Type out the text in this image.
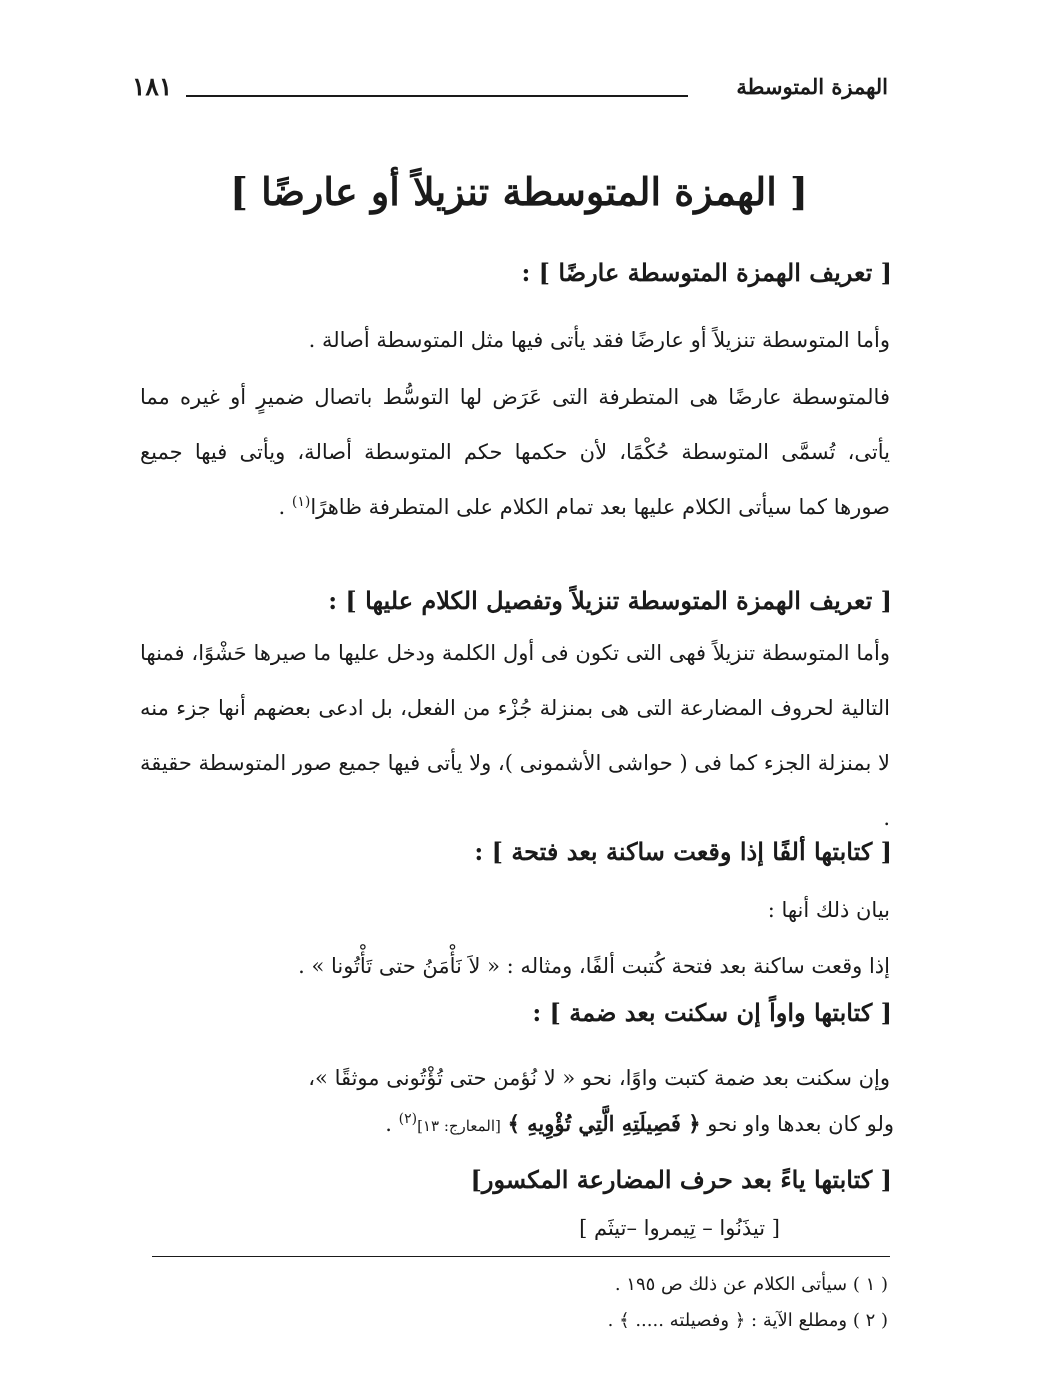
الهمزة المتوسطة
١٨١
[ الهمزة المتوسطة تنزيلاً أو عارضًا ]
[ تعريف الهمزة المتوسطة عارضًا ] :
وأما المتوسطة تنزيلاً أو عارضًا فقد يأتى فيها مثل المتوسطة أصالة .
فالمتوسطة عارضًا هى المتطرفة التى عَرَض لها التوسُّط باتصال ضميرٍ أو غيره مما يأتى، تُسمَّى المتوسطة حُكْمًا، لأن حكمها حكم المتوسطة أصالة، ويأتى فيها جميع صورها كما سيأتى الكلام عليها بعد تمام الكلام على المتطرفة ظاهرًا$^{(١)}$ .
[ تعريف الهمزة المتوسطة تنزيلاً وتفصيل الكلام عليها ] :
وأما المتوسطة تنزيلاً فهى التى تكون فى أول الكلمة ودخل عليها ما صيرها حَشْوًا، فمنها التالية لحروف المضارعة التى هى بمنزلة جُزْء من الفعل، بل ادعى بعضهم أنها جزء منه لا بمنزلة الجزء كما فى ( حواشى الأشمونى )، ولا يأتى فيها جميع صور المتوسطة حقيقة .
[ كتابتها ألفًا إذا وقعت ساكنة بعد فتحة ] :
بيان ذلك أنها :
إذا وقعت ساكنة بعد فتحة كُتبت ألفًا، ومثاله : « لاَ نَأْمَنُ حتى تَأْتُونا » .
[ كتابتها واواً إن سكنت بعد ضمة ] :
وإن سكنت بعد ضمة كتبت واوًا، نحو « لا نُؤمن حتى تُؤْتُونى موثقًا »،
ولو كان بعدها واو نحو ﴿ فَصِيلَتِهِ الَّتِي تُؤْوِيهِ ﴾ [المعارج: ١٣]$^{(٢)}$ .
[ كتابتها ياءً بعد حرف المضارعة المكسور]
[ تيذَنُوا – تِيمروا –تيثَم ]
( ١ ) سيأتى الكلام عن ذلك ص ١٩٥ .
( ٢ ) ومطلع الآية : ﴿ وفصيلته ..... ﴾ .
